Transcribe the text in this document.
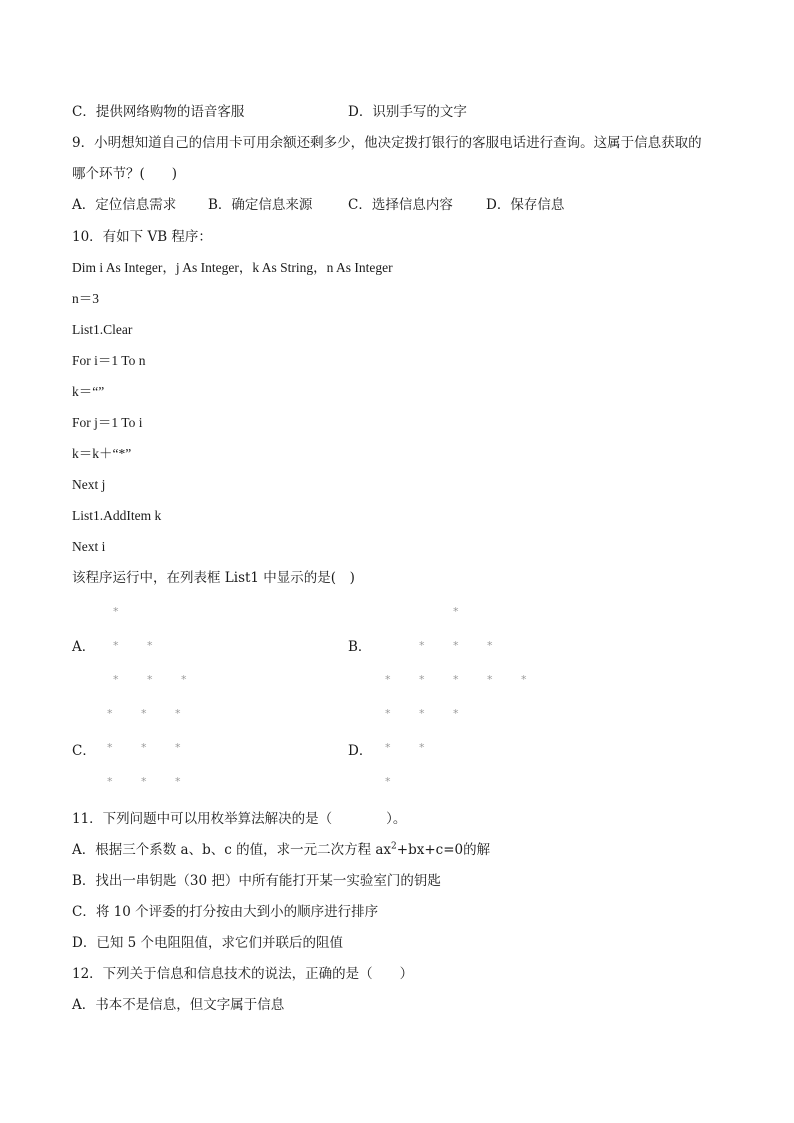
C．提供网络购物的语音客服	D．识别手写的文字
9．小明想知道自己的信用卡可用余额还剩多少，他决定拨打银行的客服电话进行查询。这属于信息获取的
哪个环节？(　　)
A．定位信息需求 B．确定信息来源	C．选择信息内容 D．保存信息
10．有如下 VB 程序：
Dim i As Integer，j As Integer，k As String，n As Integer
n＝3
List1.Clear
For i＝1 To n
k＝“”
For j＝1 To i
k＝k＋“*”
Next j
List1.AddItem k
Next i
该程序运行中，在列表框 List1 中显示的是(　)
A．	B．
C．	D．
*
*	*
*	*	*
*
*	*	*
*	*	*	*	*
*	*	*
*	*	*
*	*	*
*	*	*
*	*
*
11．下列问题中可以用枚举算法解决的是（　　　　）。
A．根据三个系数 a、b、c 的值，求一元二次方程 $ax^2+bx+c=0$的解
B．找出一串钥匙（30 把）中所有能打开某一实验室门的钥匙
C．将 10 个评委的打分按由大到小的顺序进行排序
D．已知 5 个电阻阻值，求它们并联后的阻值
12．下列关于信息和信息技术的说法，正确的是（　　）
A．书本不是信息，但文字属于信息
